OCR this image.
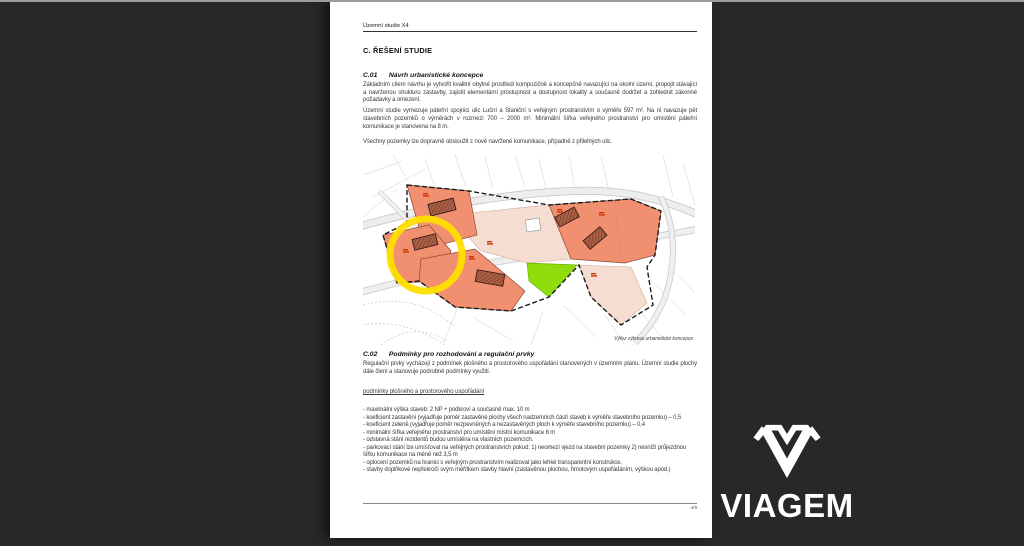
Územní studie X4
C. ŘEŠENÍ STUDIE
C.01 Návrh urbanistické koncepce

Základním cílem návrhu je vytvořit kvalitní obytné prostředí kompozičně a koncepčně navazující na okolní území, propojit stávající a navrženou strukturu zástavby, zajistit elementární prostupnost a dostupnost lokality a současně dodržet a zohlednit zákonné požadavky a omezení.

Územní studie vymezuje páteřní spojnici ulic Luční a Staniční s veřejným prostranstvím o výměře 597 m². Na ni navazuje pět stavebních pozemků o výměrách v rozmezí 700 – 2000 m². Minimální šířka veřejného prostranství pro umístění páteřní komunikace je stanovena na 8 m.

Všechny pozemky lze dopravně obsloužit z nově navržené komunikace, případně z přilehlých ulic.

Výřez výkresu urbanistické koncepce
C.02 Podmínky pro rozhodování a regulační prvky

Regulační prvky vycházejí z podmínek plošného a prostorového uspořádání stanovených v územním plánu. Územní studie plochy dále člení a stanovuje podrobné podmínky využití.

podmínky plošného a prostorového uspořádání
- maximální výška staveb: 2 NP + podkroví a současně max. 10 m
- koeficient zastavění (vyjadřuje poměr zastavěné plochy všech nadzemních částí staveb k výměře stavebního pozemku) – 0,5
- koeficient zeleně (vyjadřuje poměr nezpevněných a nezastavěných ploch k výměře stavebního pozemku) – 0,4
- minimální šířka veřejného prostranství pro umístění místní komunikace 8 m
- odstavná stání rezidentů budou umístěna na vlastních pozemcích.
- parkovací stání lze umísťovat na veřejných prostranstvích pokud: 1) neomezí vjezd na stavební pozemky 2) nesníží průjezdnou šířku komunikace na méně než 3,5 m
- oplocení pozemků na hranici s veřejným prostranstvím realizovat jako lehké transparentní konstrukce.
- stavby doplňkové nepřekročí svým měřítkem stavby hlavní (zastavěnou plochou, hmotovým uspořádáním, výškou apod.)
4/9 VIAGEM
